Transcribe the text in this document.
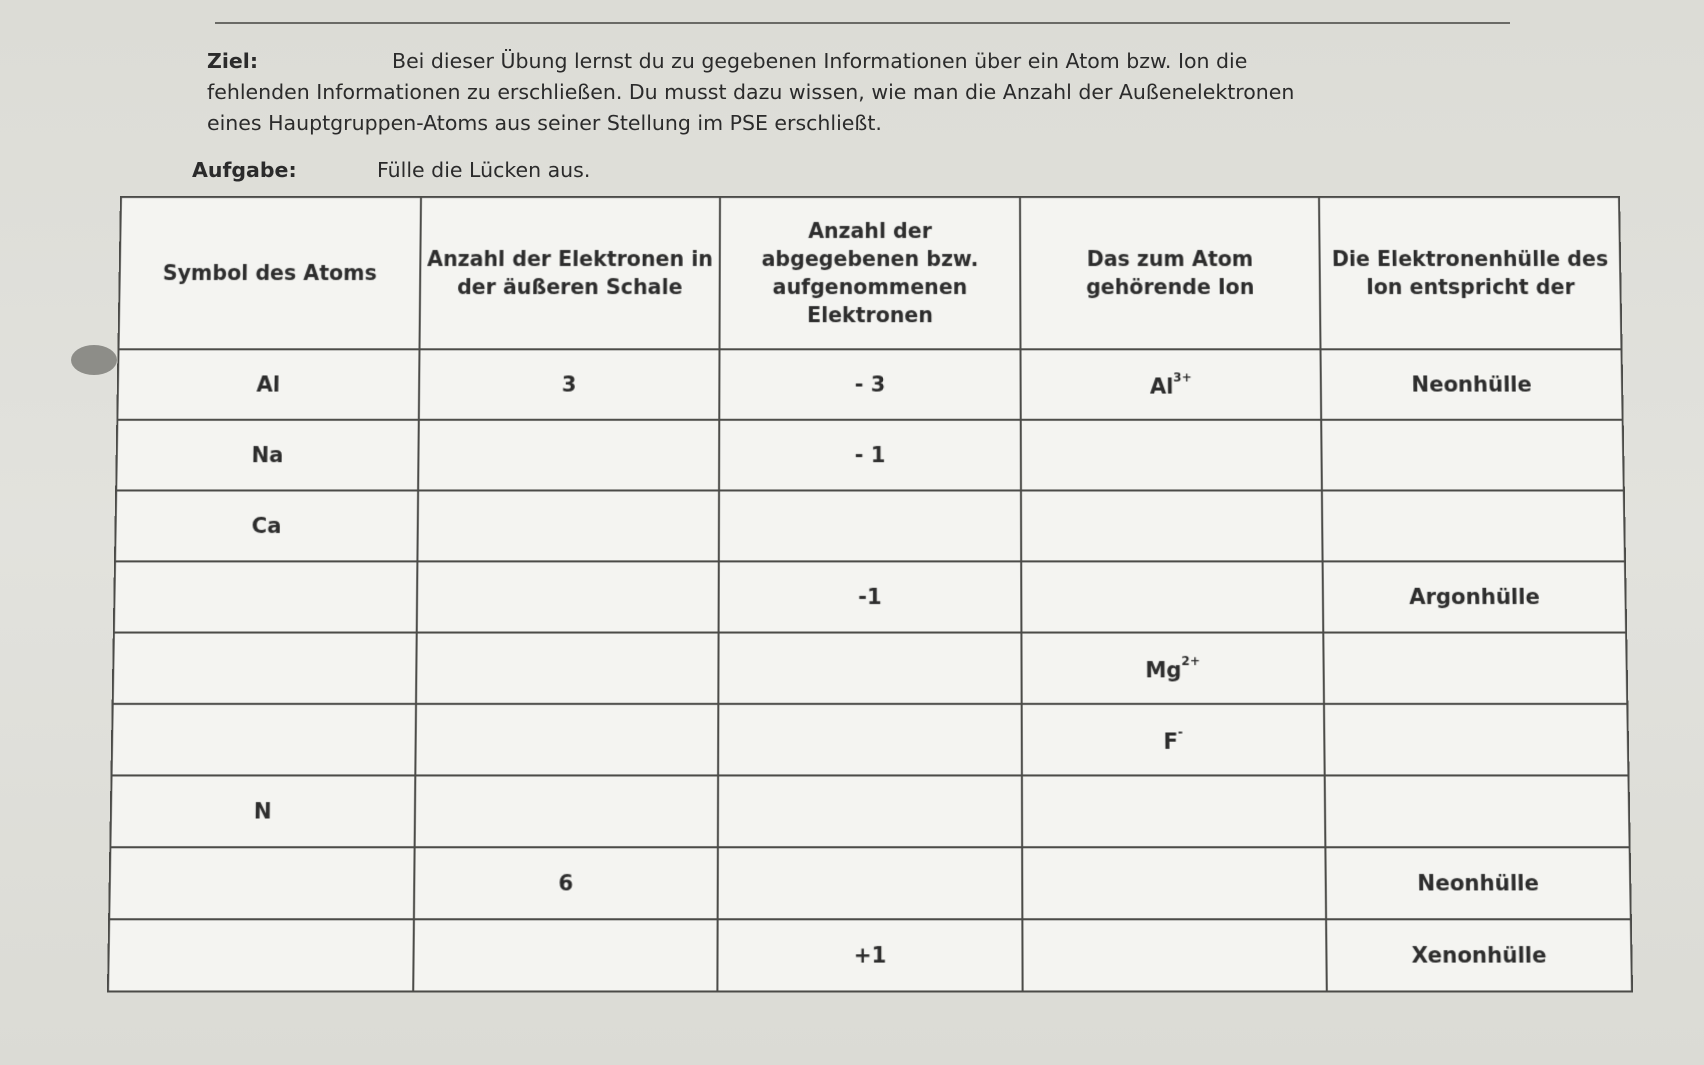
Ziel:	Bei dieser Übung lernst du zu gegebenen Informationen über ein Atom bzw. Ion die
fehlenden Informationen zu erschließen. Du musst dazu wissen, wie man die Anzahl der Außenelektronen
eines Hauptgruppen-Atoms aus seiner Stellung im PSE erschließt.
Aufgabe:	Fülle die Lücken aus.
Symbol des Atoms	Anzahl der Elektronen in der äußeren Schale	Anzahl der abgegebenen bzw. aufgenommenen Elektronen	Das zum Atom gehörende Ion	Die Elektronenhülle des Ion entspricht der
Al	3	- 3	$Al^{3+}$	Neonhülle
Na		- 1		
Ca				
		-1		Argonhülle
			$Mg^{2+}$	
			F-	
N				
	6			Neonhülle
		+1		Xenonhülle
